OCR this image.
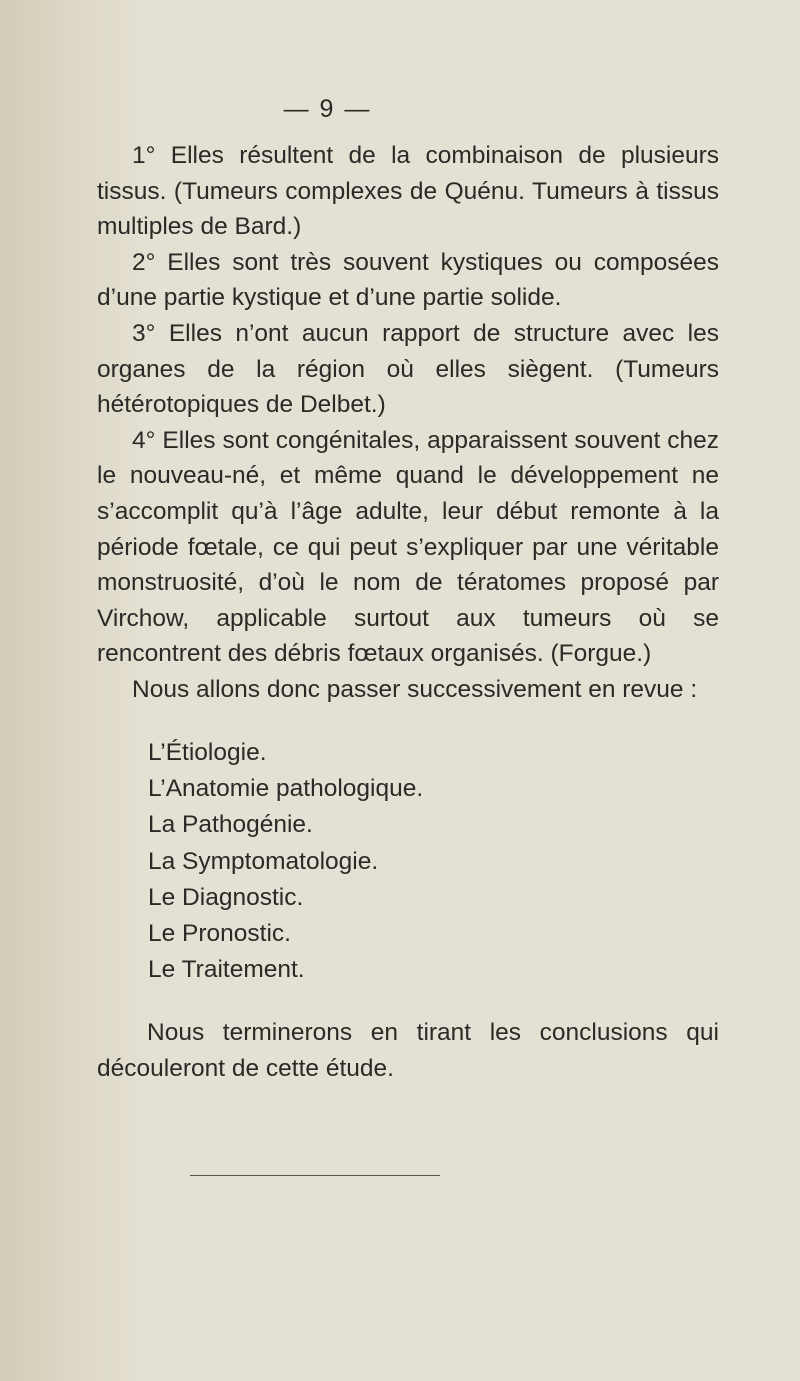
— 9 —

1° Elles résultent de la combinaison de plusieurs tissus. (Tumeurs complexes de Quénu. Tumeurs à tissus multiples de Bard.)

2° Elles sont très souvent kystiques ou composées d’une partie kystique et d’une partie solide.

3° Elles n’ont aucun rapport de structure avec les organes de la région où elles siègent. (Tumeurs hétérotopiques de Delbet.)

4° Elles sont congénitales, apparaissent souvent chez le nouveau-né, et même quand le développement ne s’accomplit qu’à l’âge adulte, leur début remonte à la période fœtale, ce qui peut s’expliquer par une véritable monstruosité, d’où le nom de tératomes proposé par Virchow, applicable surtout aux tumeurs où se rencontrent des débris fœtaux organisés. (Forgue.)

Nous allons donc passer successivement en revue :

L’Étiologie.
L’Anatomie pathologique.
La Pathogénie.
La Symptomatologie.
Le Diagnostic.
Le Pronostic.
Le Traitement.

Nous terminerons en tirant les conclusions qui découleront de cette étude.
